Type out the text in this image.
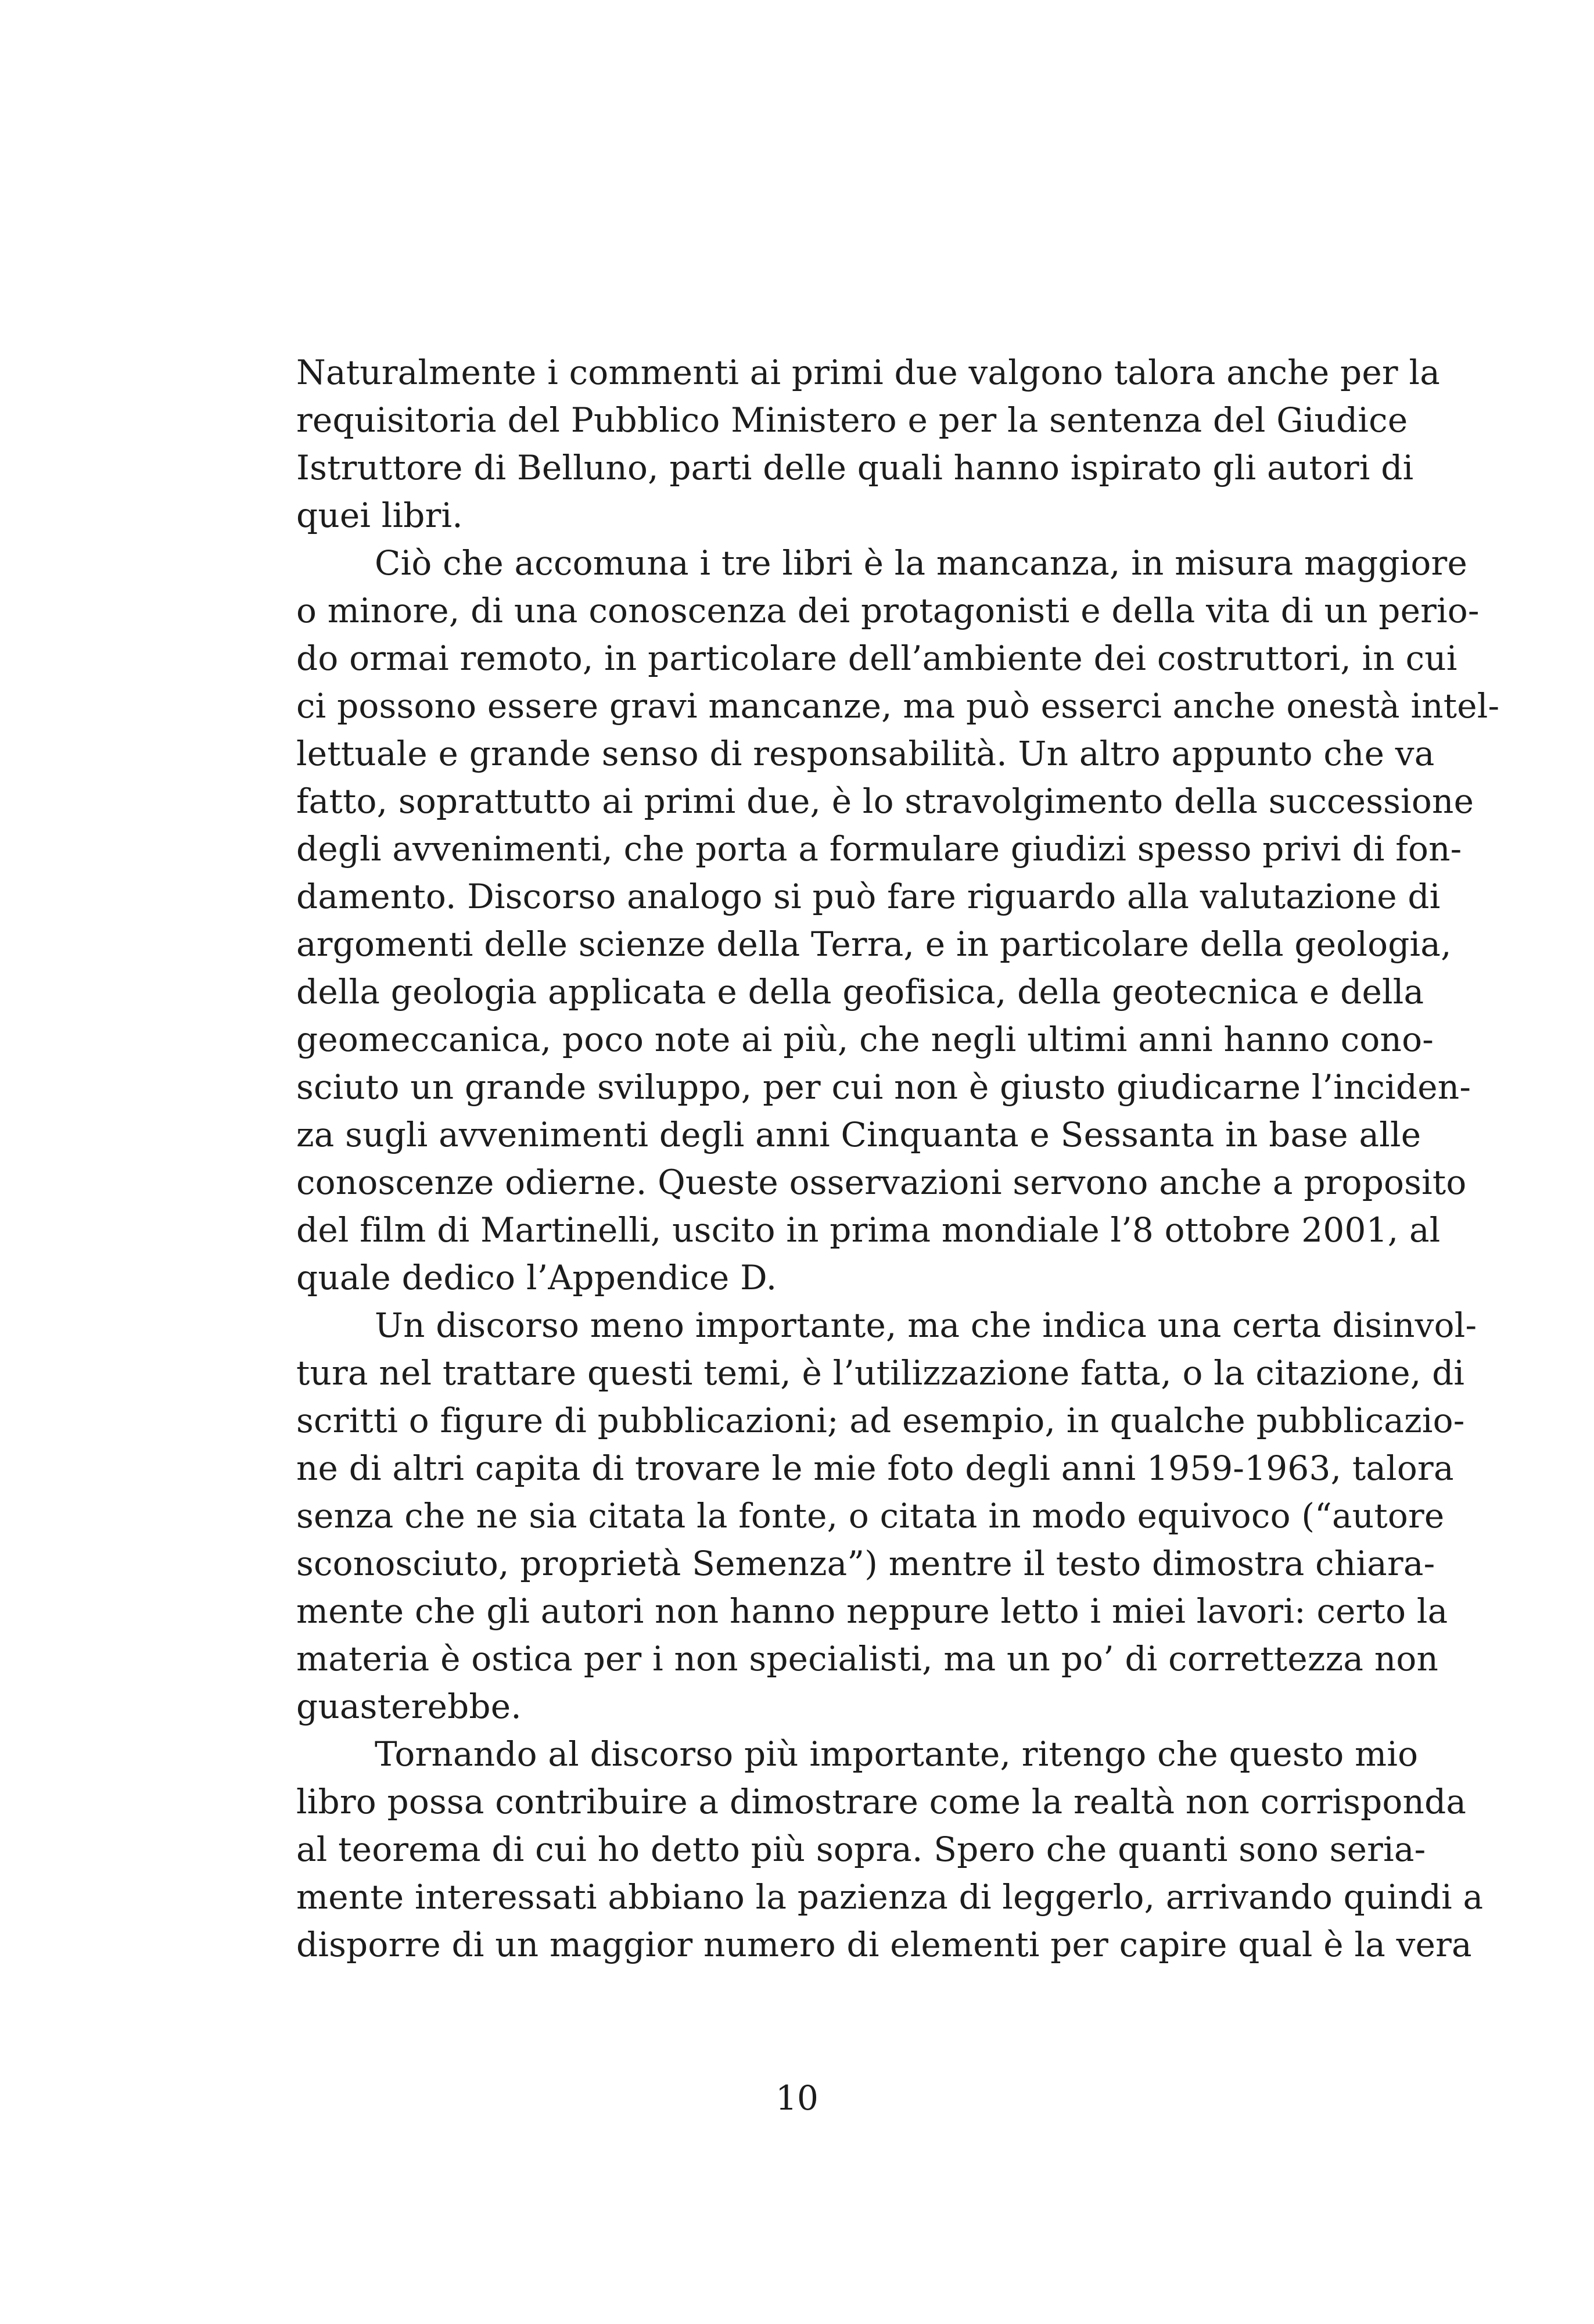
Naturalmente i commenti ai primi due valgono talora anche per la
requisitoria del Pubblico Ministero e per la sentenza del Giudice
Istruttore di Belluno, parti delle quali hanno ispirato gli autori di
quei libri.
Ciò che accomuna i tre libri è la mancanza, in misura maggiore
o minore, di una conoscenza dei protagonisti e della vita di un perio-
do ormai remoto, in particolare dell’ambiente dei costruttori, in cui
ci possono essere gravi mancanze, ma può esserci anche onestà intel-
lettuale e grande senso di responsabilità. Un altro appunto che va
fatto, soprattutto ai primi due, è lo stravolgimento della successione
degli avvenimenti, che porta a formulare giudizi spesso privi di fon-
damento. Discorso analogo si può fare riguardo alla valutazione di
argomenti delle scienze della Terra, e in particolare della geologia,
della geologia applicata e della geofisica, della geotecnica e della
geomeccanica, poco note ai più, che negli ultimi anni hanno cono-
sciuto un grande sviluppo, per cui non è giusto giudicarne l’inciden-
za sugli avvenimenti degli anni Cinquanta e Sessanta in base alle
conoscenze odierne. Queste osservazioni servono anche a proposito
del film di Martinelli, uscito in prima mondiale l’8 ottobre 2001, al
quale dedico l’Appendice D.
Un discorso meno importante, ma che indica una certa disinvol-
tura nel trattare questi temi, è l’utilizzazione fatta, o la citazione, di
scritti o figure di pubblicazioni; ad esempio, in qualche pubblicazio-
ne di altri capita di trovare le mie foto degli anni 1959-1963, talora
senza che ne sia citata la fonte, o citata in modo equivoco (“autore
sconosciuto, proprietà Semenza”) mentre il testo dimostra chiara-
mente che gli autori non hanno neppure letto i miei lavori: certo la
materia è ostica per i non specialisti, ma un po’ di correttezza non
guasterebbe.
Tornando al discorso più importante, ritengo che questo mio
libro possa contribuire a dimostrare come la realtà non corrisponda
al teorema di cui ho detto più sopra. Spero che quanti sono seria-
mente interessati abbiano la pazienza di leggerlo, arrivando quindi a
disporre di un maggior numero di elementi per capire qual è la vera
10
